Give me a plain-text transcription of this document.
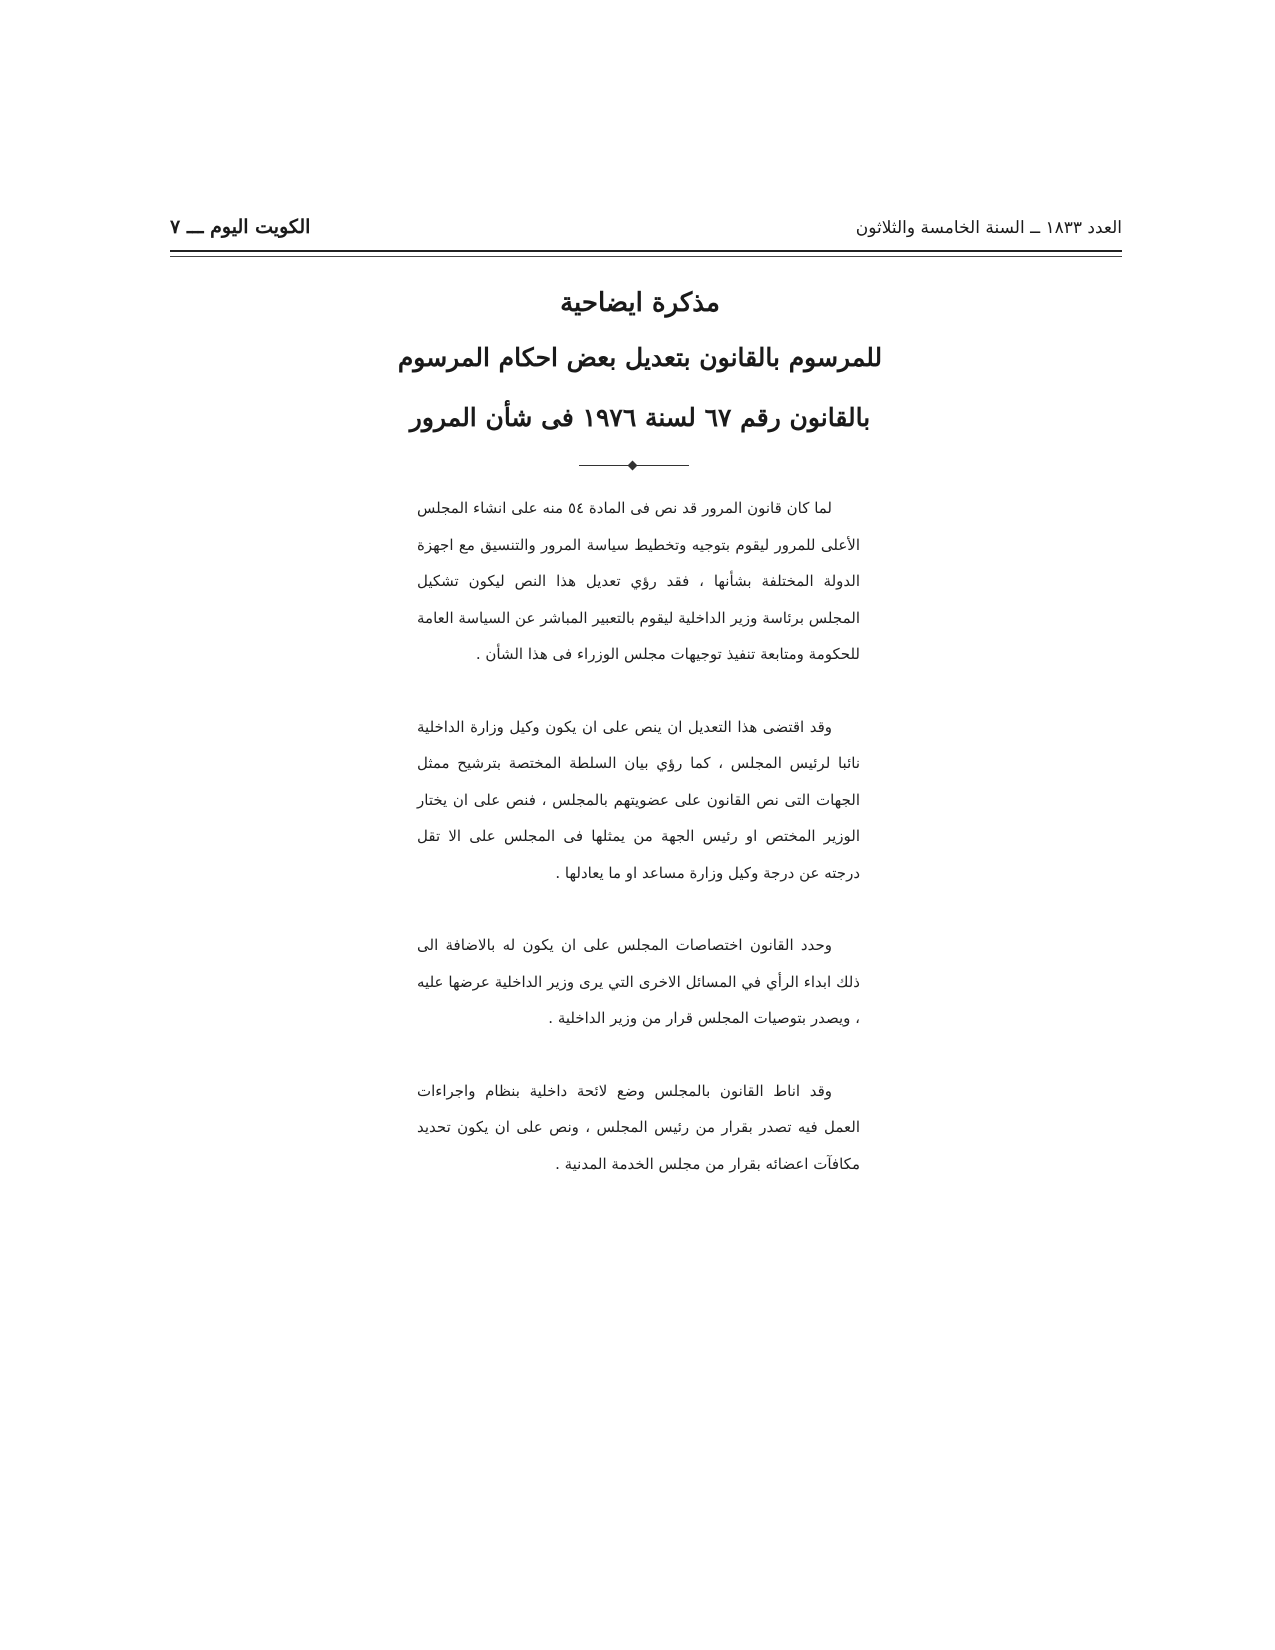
العدد ١٨٣٣ ــ السنة الخامسة والثلاثون
الكويت اليوم ـــ ٧
مذكرة ايضاحية
للمرسوم بالقانون بتعديل بعض احكام المرسوم
بالقانون رقم ٦٧ لسنة ١٩٧٦ فى شأن المرور

لما كان قانون المرور قد نص فى المادة ٥٤ منه على انشاء المجلس الأعلى للمرور ليقوم بتوجيه وتخطيط سياسة المرور والتنسيق مع اجهزة الدولة المختلفة بشأنها ، فقد رؤي تعديل هذا النص ليكون تشكيل المجلس برئاسة وزير الداخلية ليقوم بالتعبير المباشر عن السياسة العامة للحكومة ومتابعة تنفيذ توجيهات مجلس الوزراء فى هذا الشأن .

وقد اقتضى هذا التعديل ان ينص على ان يكون وكيل وزارة الداخلية نائبا لرئيس المجلس ، كما رؤي بيان السلطة المختصة بترشيح ممثل الجهات التى نص القانون على عضويتهم بالمجلس ، فنص على ان يختار الوزير المختص او رئيس الجهة من يمثلها فى المجلس على الا تقل درجته عن درجة وكيل وزارة مساعد او ما يعادلها .

وحدد القانون اختصاصات المجلس على ان يكون له بالاضافة الى ذلك ابداء الرأي في المسائل الاخرى التي يرى وزير الداخلية عرضها عليه ، ويصدر بتوصيات المجلس قرار من وزير الداخلية .

وقد اناط القانون بالمجلس وضع لائحة داخلية بنظام واجراءات العمل فيه تصدر بقرار من رئيس المجلس ، ونص على ان يكون تحديد مكافآت اعضائه بقرار من مجلس الخدمة المدنية .
